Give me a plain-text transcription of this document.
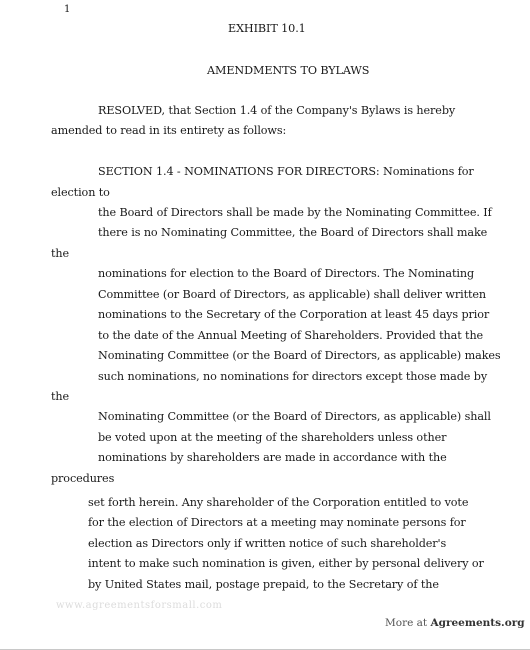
1
EXHIBIT 10.1
AMENDMENTS TO BYLAWS
RESOLVED, that Section 1.4 of the Company's Bylaws is hereby
amended to read in its entirety as follows:
SECTION 1.4 - NOMINATIONS FOR DIRECTORS: Nominations for
election to
the Board of Directors shall be made by the Nominating Committee. If
there is no Nominating Committee, the Board of Directors shall make
the
nominations for election to the Board of Directors. The Nominating
Committee (or Board of Directors, as applicable) shall deliver written
nominations to the Secretary of the Corporation at least 45 days prior
to the date of the Annual Meeting of Shareholders. Provided that the
Nominating Committee (or the Board of Directors, as applicable) makes
such nominations, no nominations for directors except those made by
the
Nominating Committee (or the Board of Directors, as applicable) shall
be voted upon at the meeting of the shareholders unless other
nominations by shareholders are made in accordance with the
procedures
set forth herein. Any shareholder of the Corporation entitled to vote
for the election of Directors at a meeting may nominate persons for
election as Directors only if written notice of such shareholder's
intent to make such nomination is given, either by personal delivery or
by United States mail, postage prepaid, to the Secretary of the
www.agreementsforsmall.com
More at Agreements.org
